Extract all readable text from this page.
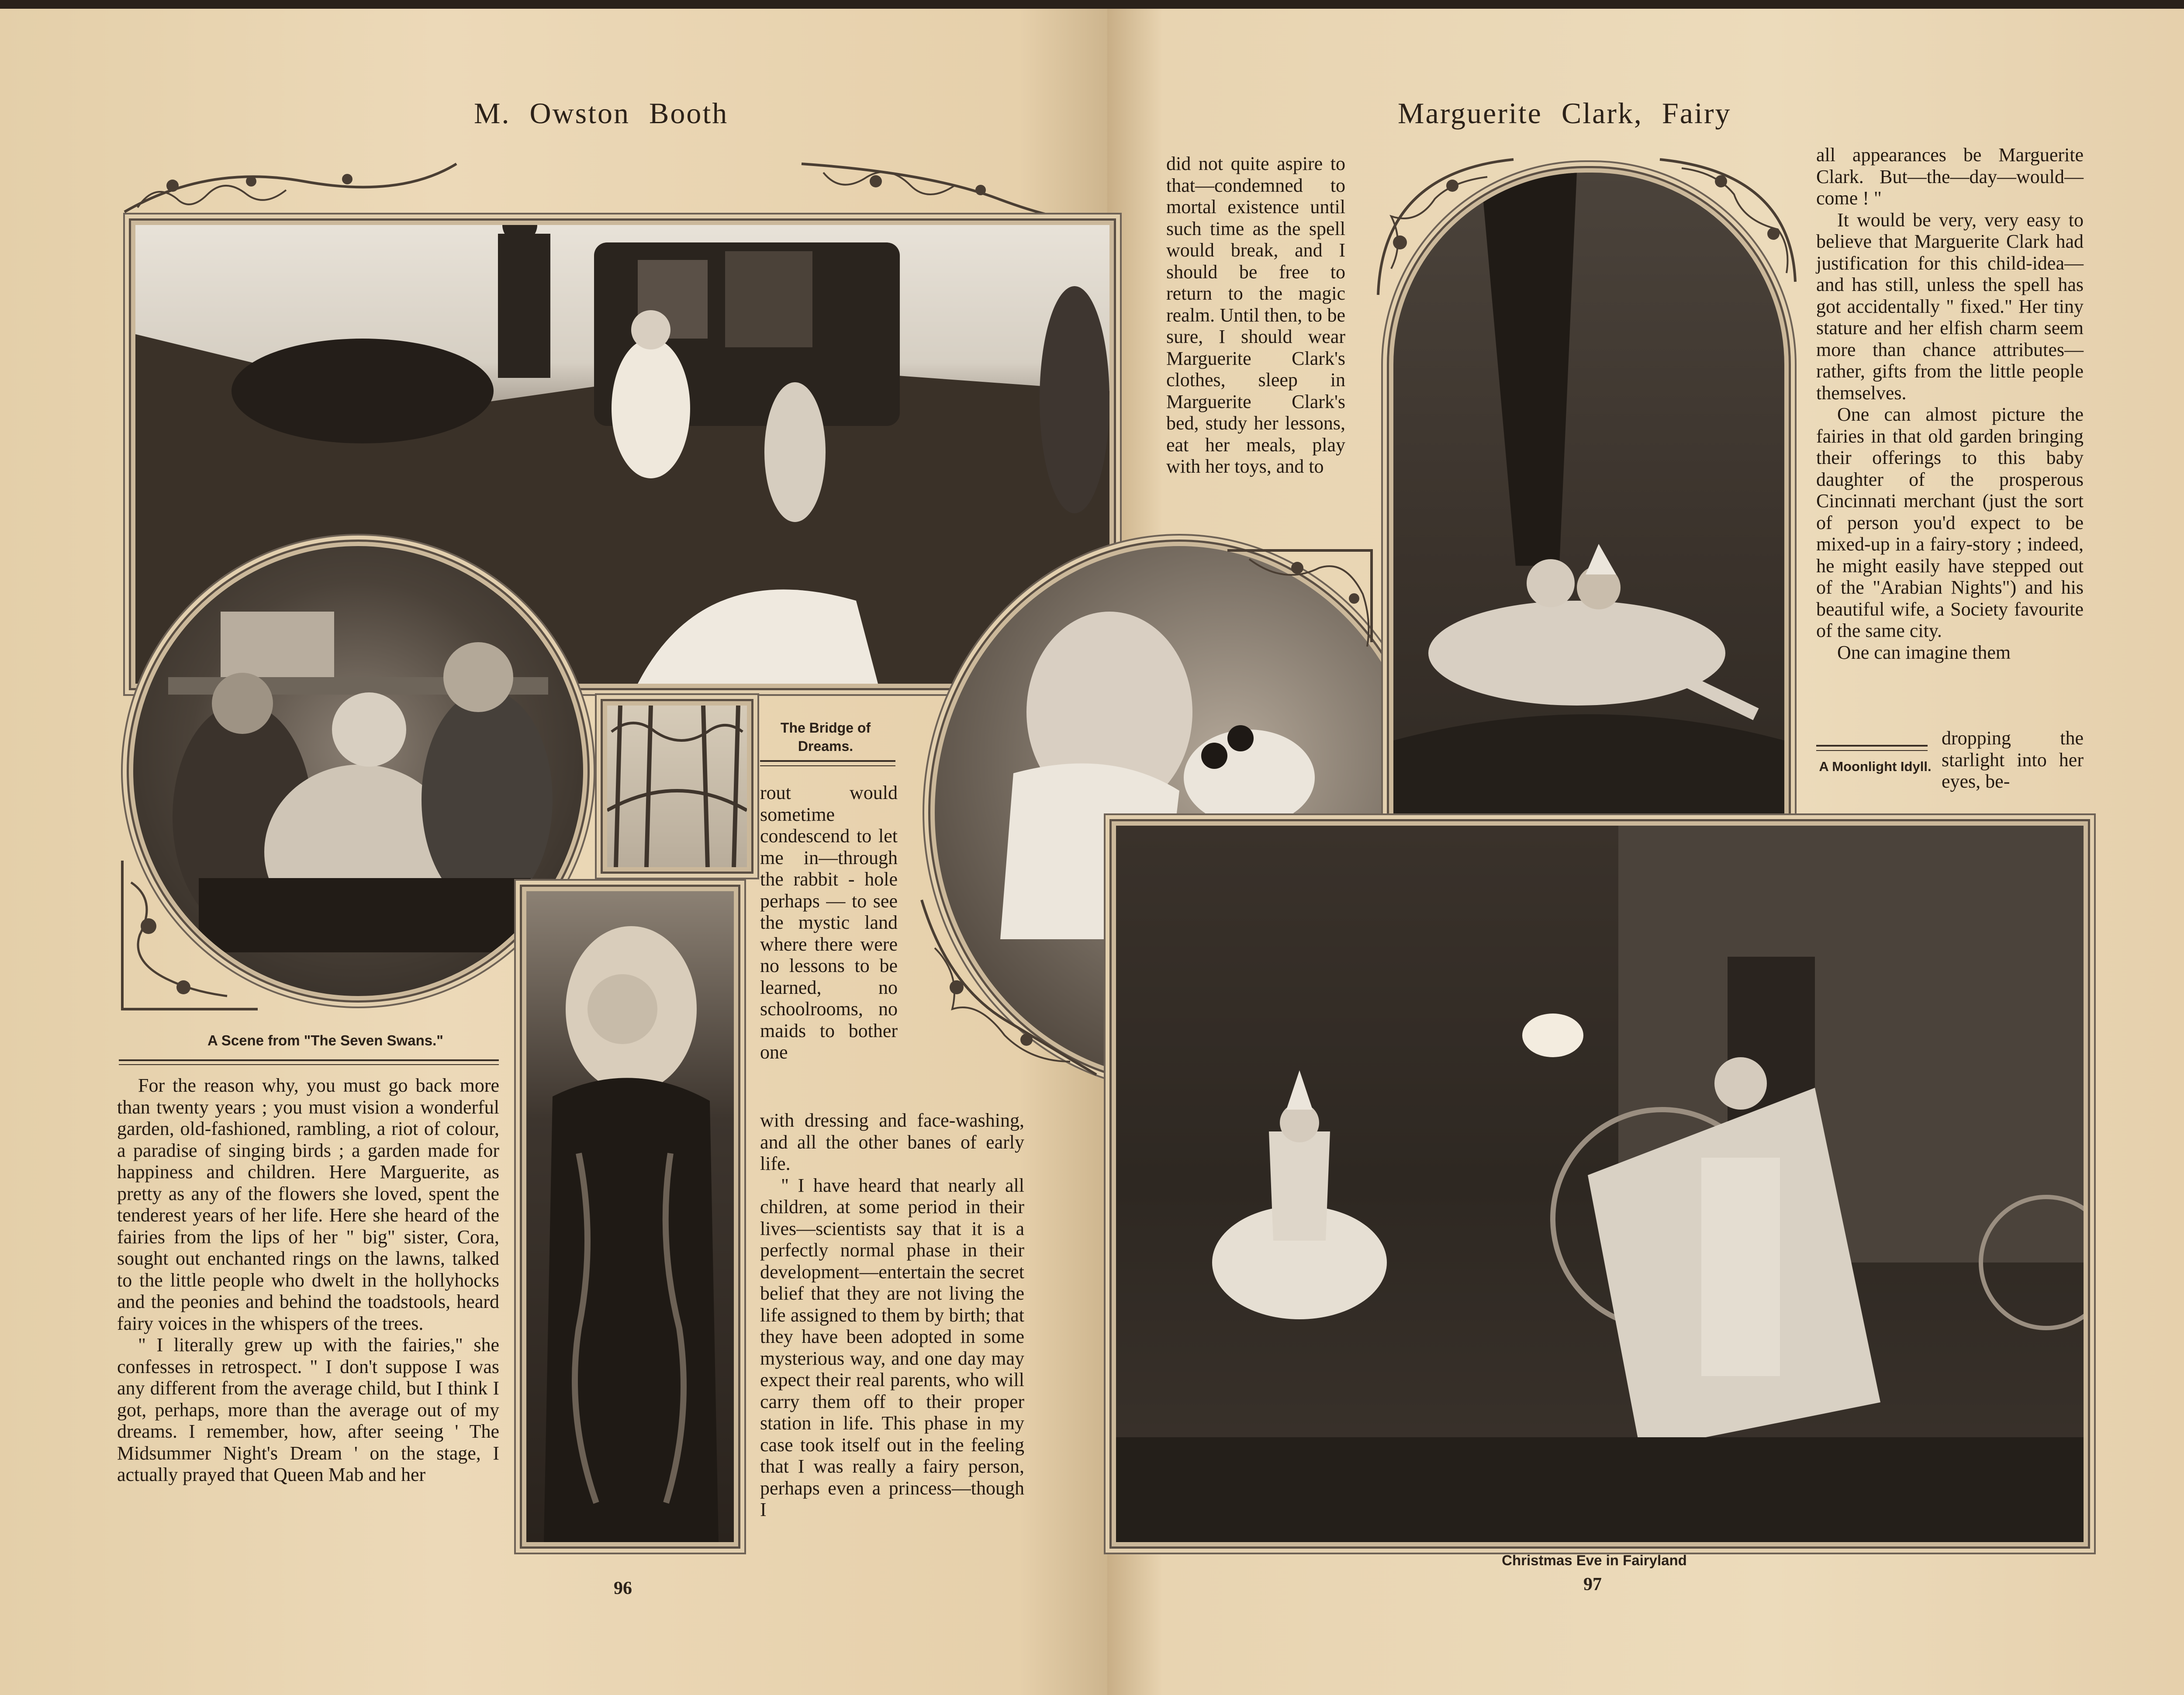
M. Owston Booth	Marguerite Clark, Fairy
A Scene from "The Seven Swans."

For the reason why, you must go back more than twenty years ; you must vision a wonderful garden, old-fashioned, rambling, a riot of colour, a paradise of singing birds ; a garden made for happiness and children. Here Marguerite, as pretty as any of the flowers she loved, spent the tenderest years of her life. Here she heard of the fairies from the lips of her " big" sister, Cora, sought out enchanted rings on the lawns, talked to the little people who dwelt in the hollyhocks and the peonies and behind the toadstools, heard fairy voices in the whispers of the trees.

" I literally grew up with the fairies," she confesses in retrospect. " I don't suppose I was any different from the average child, but I think I got, perhaps, more than the average out of my dreams. I remember, how, after seeing ' The Midsummer Night's Dream ' on the stage, I actually prayed that Queen Mab and her

The Bridge of Dreams.
rout would sometime condescend to let me in—through the rabbit - hole perhaps — to see the mystic land where there were no lessons to be learned, no schoolrooms, no maids to bother one

with dressing and face-washing, and all the other banes of early life.

" I have heard that nearly all children, at some period in their lives—scientists say that it is a perfectly normal phase in their development—entertain the secret belief that they are not living the life assigned to them by birth; that they have been adopted in some mysterious way, and one day may expect their real parents, who will carry them off to their proper station in life. This phase in my case took itself out in the feeling that I was really a fairy person, perhaps even a princess—though I

96
did not quite aspire to that—condemned to mortal existence until such time as the spell would break, and I should be free to return to the magic realm. Until then, to be sure, I should wear Marguerite Clark's clothes, sleep in Marguerite Clark's bed, study her lessons, eat her meals, play with her toys, and to

all appearances be Marguerite Clark. But—the—day—would—come ! "

It would be very, very easy to believe that Marguerite Clark had justification for this child-idea—and has still, unless the spell has got accidentally " fixed." Her tiny stature and her elfish charm seem more than chance attributes—rather, gifts from the little people themselves.

One can almost picture the fairies in that old garden bringing their offerings to this baby daughter of the prosperous Cincinnati merchant (just the sort of person you'd expect to be mixed-up in a fairy-story ; indeed, he might easily have stepped out of the "Arabian Nights") and his beautiful wife, a Society favourite of the same city.

One can imagine them

dropping the starlight into her eyes, be-
A Moonlight Idyll.
Christmas Eve in Fairyland
97
